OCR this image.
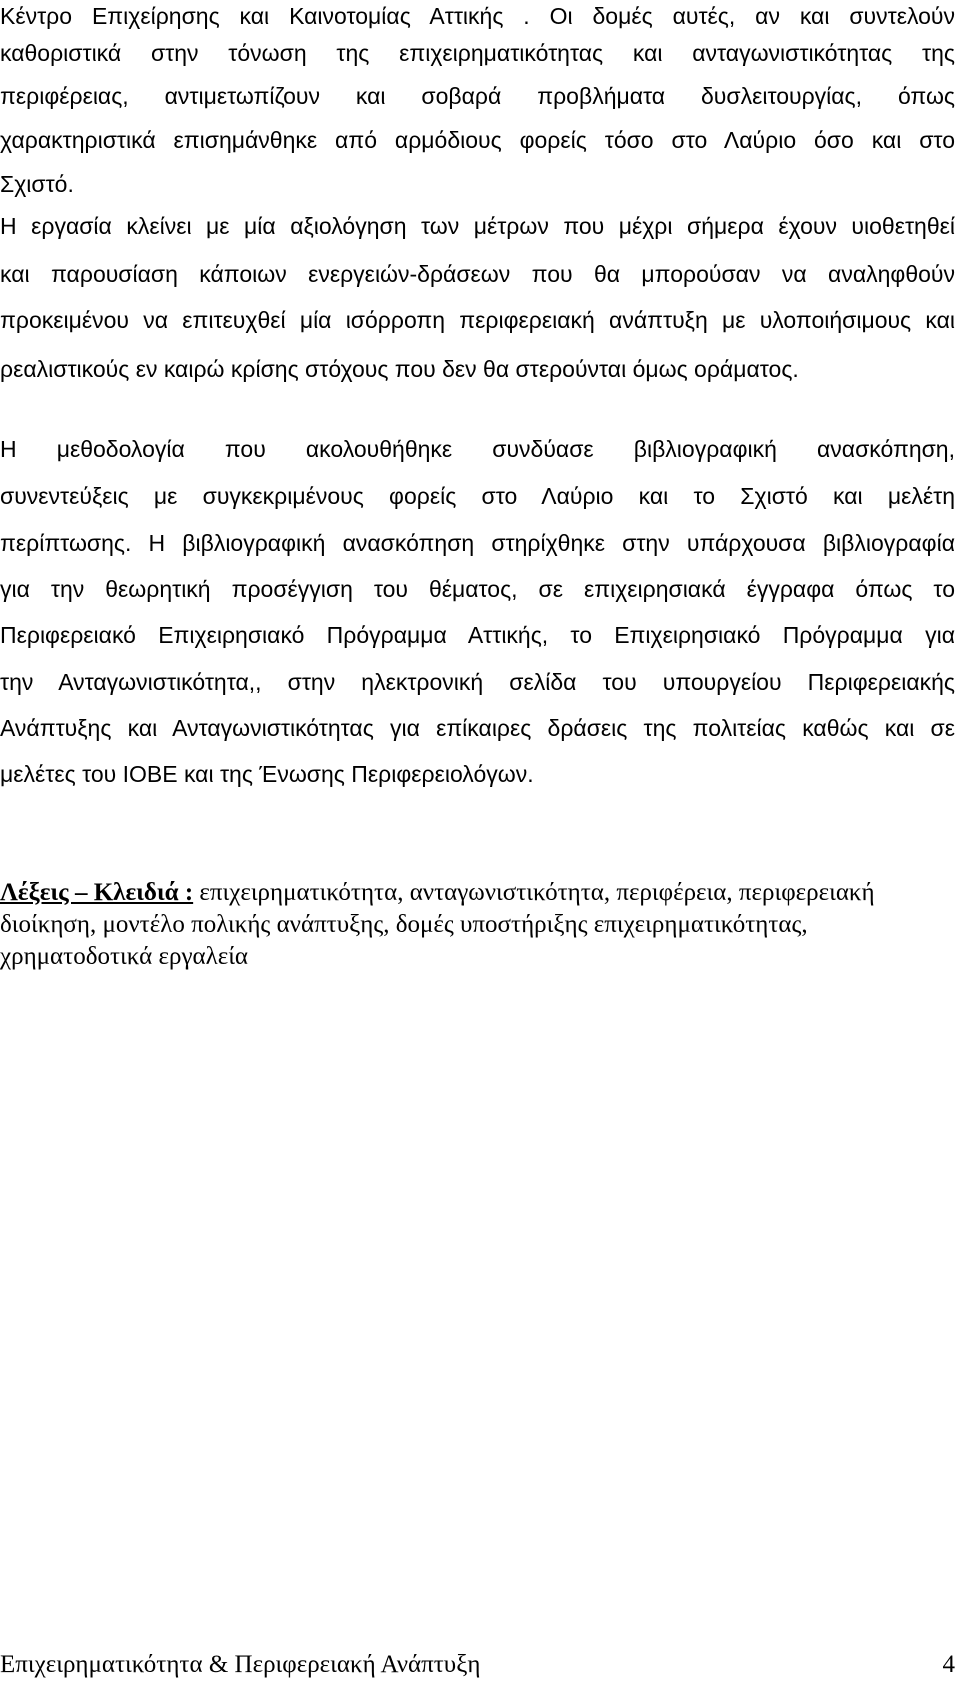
Κέντρο Επιχείρησης και Καινοτομίας Αττικής . Οι δομές αυτές, αν και συντελούν
καθοριστικά στην τόνωση της επιχειρηματικότητας και ανταγωνιστικότητας της
περιφέρειας, αντιμετωπίζουν και σοβαρά προβλήματα δυσλειτουργίας, όπως
χαρακτηριστικά επισημάνθηκε από αρμόδιους φορείς τόσο στο Λαύριο όσο και στο
Σχιστό.
Η εργασία κλείνει με μία αξιολόγηση των μέτρων που μέχρι σήμερα έχουν υιοθετηθεί
και παρουσίαση κάποιων ενεργειών-δράσεων που θα μπορούσαν να αναληφθούν
προκειμένου να επιτευχθεί μία ισόρροπη περιφερειακή ανάπτυξη με υλοποιήσιμους και
ρεαλιστικούς εν καιρώ κρίσης στόχους που δεν θα στερούνται όμως οράματος.
Η μεθοδολογία που ακολουθήθηκε συνδύασε βιβλιογραφική ανασκόπηση,
συνεντεύξεις με συγκεκριμένους φορείς στο Λαύριο και το Σχιστό και μελέτη
περίπτωσης. Η βιβλιογραφική ανασκόπηση στηρίχθηκε στην υπάρχουσα βιβλιογραφία
για την θεωρητική προσέγγιση του θέματος, σε επιχειρησιακά έγγραφα όπως το
Περιφερειακό Επιχειρησιακό Πρόγραμμα Αττικής, το Επιχειρησιακό Πρόγραμμα για
την Ανταγωνιστικότητα,, στην ηλεκτρονική σελίδα του υπουργείου Περιφερειακής
Ανάπτυξης και Ανταγωνιστικότητας για επίκαιρες δράσεις της πολιτείας καθώς και σε
μελέτες του ΙΟΒΕ και της Ένωσης Περιφερειολόγων.
Λέξεις – Κλειδιά : επιχειρηματικότητα, ανταγωνιστικότητα, περιφέρεια, περιφερειακή
διοίκηση, μοντέλο πολικής ανάπτυξης, δομές υποστήριξης επιχειρηματικότητας,
χρηματοδοτικά εργαλεία
Επιχειρηματικότητα & Περιφερειακή Ανάπτυξη	4
